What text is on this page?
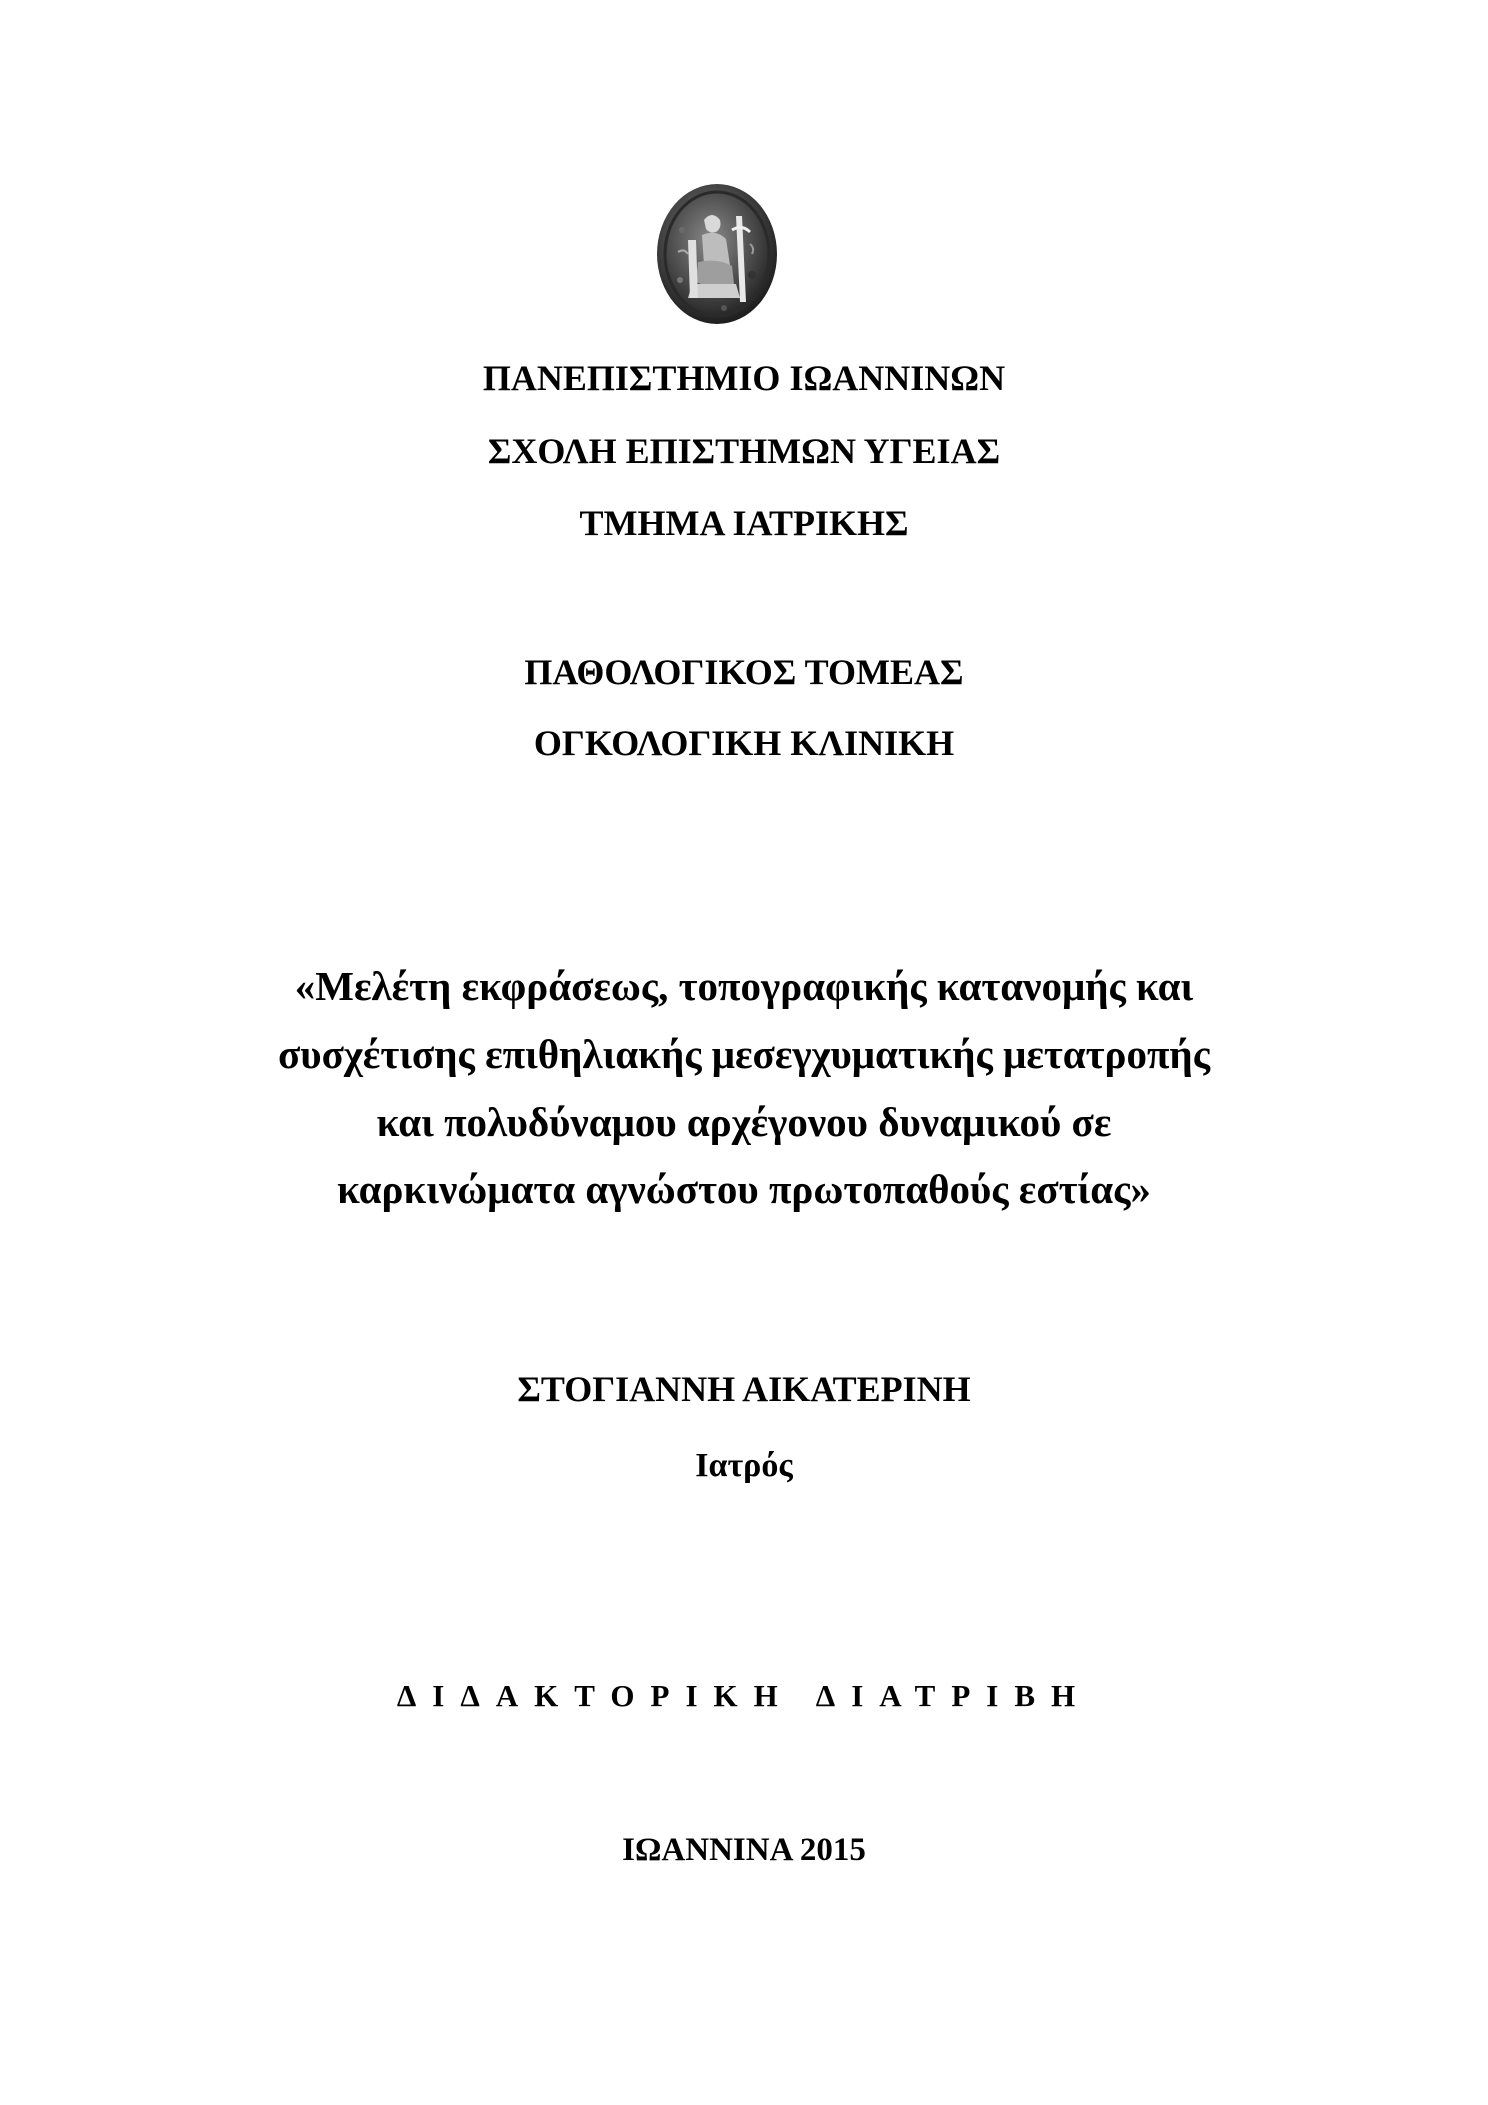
ΠΑΝΕΠΙΣΤΗΜΙΟ ΙΩΑΝΝΙΝΩΝ
ΣΧΟΛΗ ΕΠΙΣΤΗΜΩΝ ΥΓΕΙΑΣ
ΤΜΗΜΑ ΙΑΤΡΙΚΗΣ
ΠΑΘΟΛΟΓΙΚΟΣ ΤΟΜΕΑΣ
ΟΓΚΟΛΟΓΙΚΗ ΚΛΙΝΙΚΗ
«Μελέτη εκφράσεως, τοπογραφικής κατανομής και
συσχέτισης επιθηλιακής μεσεγχυματικής μετατροπής
και πολυδύναμου αρχέγονου δυναμικού σε
καρκινώματα αγνώστου πρωτοπαθούς εστίας»
ΣΤΟΓΙΑΝΝΗ ΑΙΚΑΤΕΡΙΝΗ
Ιατρός
ΔΙΔΑΚΤΟΡΙΚΗ ΔΙΑΤΡΙΒΗ
ΙΩΑΝΝΙΝΑ 2015
